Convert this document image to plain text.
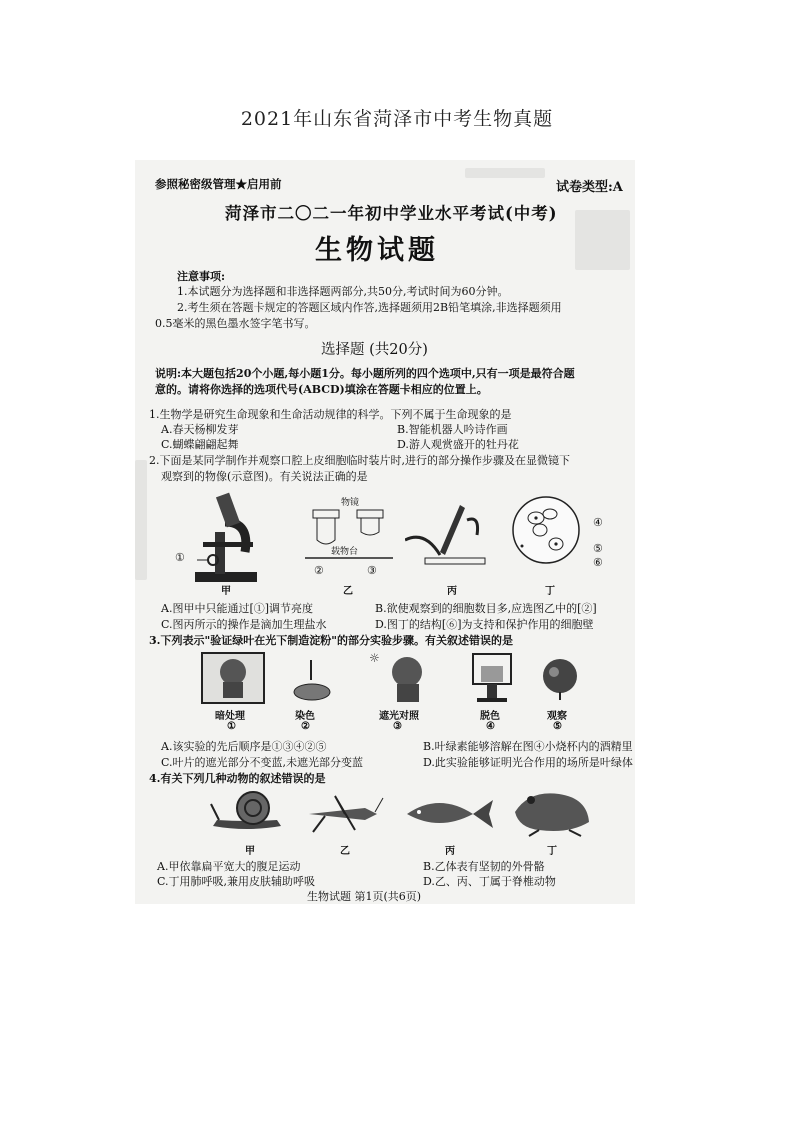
2021年山东省菏泽市中考生物真题
参照秘密级管理★启用前	试卷类型:A
菏泽市二〇二一年初中学业水平考试(中考)
生物试题
注意事项:
1.本试题分为选择题和非选择题两部分,共50分,考试时间为60分钟。
2.考生须在答题卡规定的答题区域内作答,选择题须用2B铅笔填涂,非选择题须用
0.5毫米的黑色墨水签字笔书写。
选择题 (共20分)
说明:本大题包括20个小题,每小题1分。每小题所列的四个选项中,只有一项是最符合题
意的。请将你选择的选项代号(ABCD)填涂在答题卡相应的位置上。
1.生物学是研究生命现象和生命活动规律的科学。下列不属于生命现象的是
A.春天杨柳发芽	B.智能机器人吟诗作画
C.蝴蝶翩翩起舞	D.游人观赏盛开的牡丹花
2.下面是某同学制作并观察口腔上皮细胞临时装片时,进行的部分操作步骤及在显微镜下
观察到的物像(示意图)。有关说法正确的是
①
物镜
载物台
②	③
④
⑤
⑥
甲	乙	丙	丁
A.图甲中只能通过[①]调节亮度	B.欲使观察到的细胞数目多,应选图乙中的[②]
C.图丙所示的操作是滴加生理盐水	D.图丁的结构[⑥]为支持和保护作用的细胞壁
3.下列表示"验证绿叶在光下制造淀粉"的部分实验步骤。有关叙述错误的是
☼
暗处理	染色	遮光对照	脱色	观察
①	②	③	④	⑤
A.该实验的先后顺序是①③④②⑤	B.叶绿素能够溶解在图④小烧杯内的酒精里
C.叶片的遮光部分不变蓝,未遮光部分变蓝	D.此实验能够证明光合作用的场所是叶绿体
4.有关下列几种动物的叙述错误的是
甲	乙	丙	丁
A.甲依靠扁平宽大的腹足运动	B.乙体表有坚韧的外骨骼
C.丁用肺呼吸,兼用皮肤辅助呼吸	D.乙、丙、丁属于脊椎动物
生物试题 第1页(共6页)
